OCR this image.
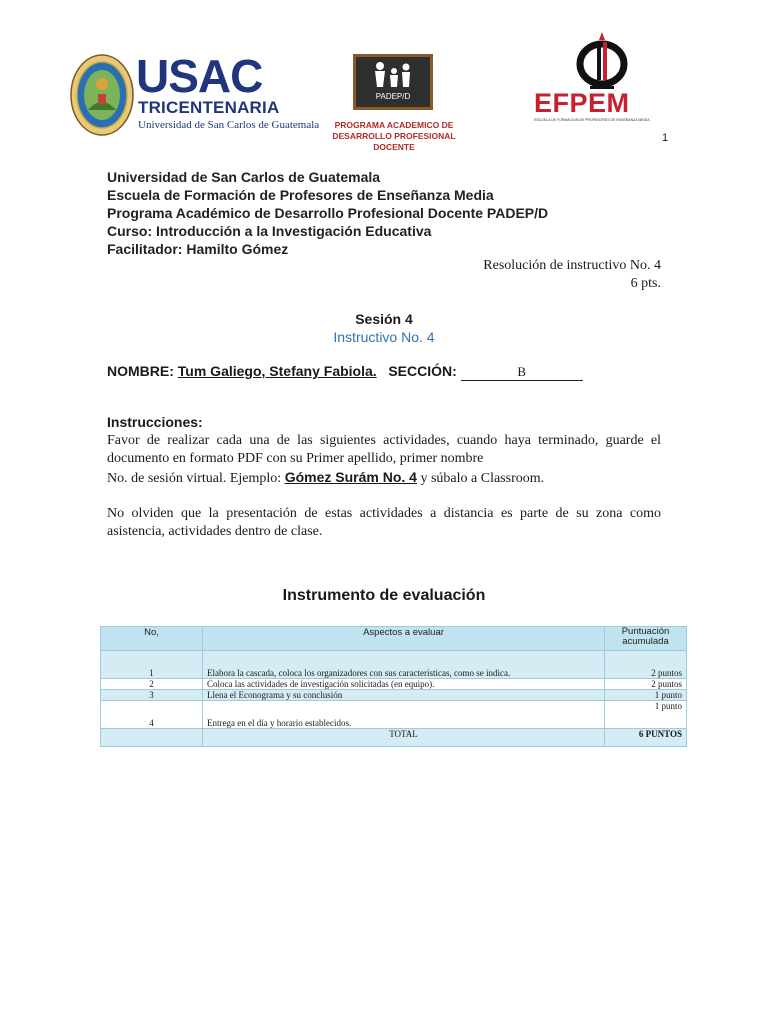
USAC
TRICENTENARIA
Universidad de San Carlos de Guatemala
PADEP/D
PROGRAMA ACADEMICO DE
DESARROLLO PROFESIONAL DOCENTE
EFPEM
ESCUELA DE FORMACION DE PROFESORES DE ENSEÑANZA MEDIA
1
Universidad de San Carlos de Guatemala
Escuela de Formación de Profesores de Enseñanza Media
Programa Académico de Desarrollo Profesional Docente PADEP/D
Curso: Introducción a la Investigación Educativa
Facilitador: Hamilto Gómez
Resolución de instructivo No. 4
6 pts.
Sesión 4
Instructivo No. 4
NOMBRE: Tum Galiego, Stefany Fabiola. SECCIÓN:	B
Instrucciones:
Favor de realizar cada una de las siguientes actividades, cuando haya terminado, guarde el documento en formato PDF con su Primer apellido, primer nombre
No. de sesión virtual. Ejemplo: Gómez Surám No. 4 y súbalo a Classroom.
No olviden que la presentación de estas actividades a distancia es parte de su zona como asistencia, actividades dentro de clase.
Instrumento de evaluación
No,	Aspectos a evaluar	Puntuación
acumulada

1	Elabora la cascada, coloca los organizadores con sus características, como se indica.	2 puntos
2	Coloca las actividades de investigación solicitadas (en equipo).	2 puntos
3	Llena el Econograma y su conclusión	1 punto
4	Entrega en el día y horario establecidos.	1 punto
	TOTAL	6 PUNTOS
